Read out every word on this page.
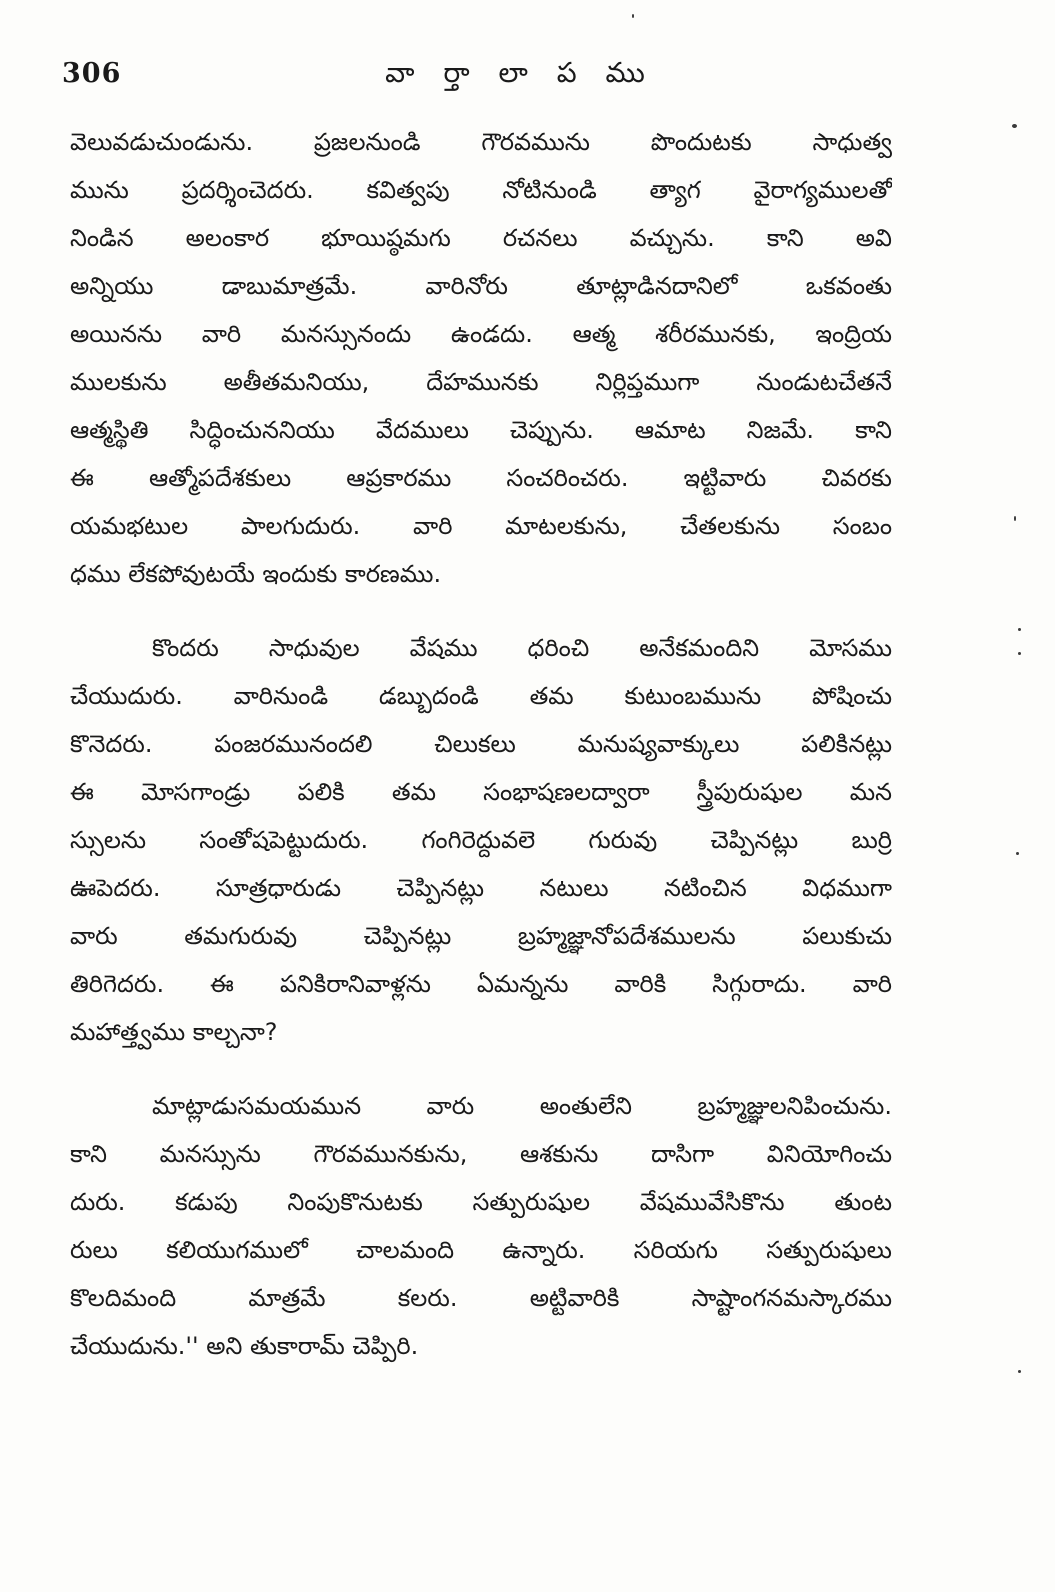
306	వా ర్తా లా ప ము
వెలువడుచుండును. ప్రజలనుండి గౌరవమును పొందుటకు సాధుత్వ
మును ప్రదర్శించెదరు. కవిత్వపు నోటినుండి త్యాగ వైరాగ్యములతో
నిండిన అలంకార భూయిష్ఠమగు రచనలు వచ్చును. కాని అవి
అన్నియు డాబుమాత్రమే. వారినోరు తూట్లాడినదానిలో ఒకవంతు
అయినను వారి మనస్సునందు ఉండదు. ఆత్మ శరీరమునకు, ఇంద్రియ
ములకును అతీతమనియు, దేహమునకు నిర్లిప్తముగా నుండుటచేతనే
ఆత్మస్థితి సిద్ధించుననియు వేదములు చెప్పును. ఆమాట నిజమే. కాని
ఈ ఆత్మోపదేశకులు ఆప్రకారము సంచరించరు. ఇట్టివారు చివరకు
యమభటుల పాలగుదురు. వారి మాటలకును, చేతలకును సంబం
ధము లేకపోవుటయే ఇందుకు కారణము.
కొందరు సాధువుల వేషము ధరించి అనేకమందిని మోసము
చేయుదురు. వారినుండి డబ్బుదండి తమ కుటుంబమును పోషించు
కొనెదరు. పంజరమునందలి చిలుకలు మనుష్యవాక్కులు పలికినట్లు
ఈ మోసగాండ్రు పలికి తమ సంభాషణలద్వారా స్త్రీపురుషుల మన
స్సులను సంతోషపెట్టుదురు. గంగిరెద్దువలె గురువు చెప్పినట్లు బుర్రి
ఊపెదరు. సూత్రధారుడు చెప్పినట్లు నటులు నటించిన విధముగా
వారు తమగురువు చెప్పినట్లు బ్రహ్మజ్ఞానోపదేశములను పలుకుచు
తిరిగెదరు. ఈ పనికిరానివాళ్లను ఏమన్నను వారికి సిగ్గురాదు. వారి
మహాత్త్వము కాల్చనా?
మాట్లాడుసమయమున వారు అంతులేని బ్రహ్మజ్ఞులనిపించును.
కాని మనస్సును గౌరవమునకును, ఆశకును దాసిగా వినియోగించు
దురు. కడుపు నింపుకొనుటకు సత్పురుషుల వేషమువేసికొను తుంట
రులు కలియుగములో చాలమంది ఉన్నారు. సరియగు సత్పురుషులు
కొలదిమంది మాత్రమే కలరు. అట్టివారికి సాష్టాంగనమస్కారము
చేయుదును.'' అని తుకారామ్ చెప్పిరి.
